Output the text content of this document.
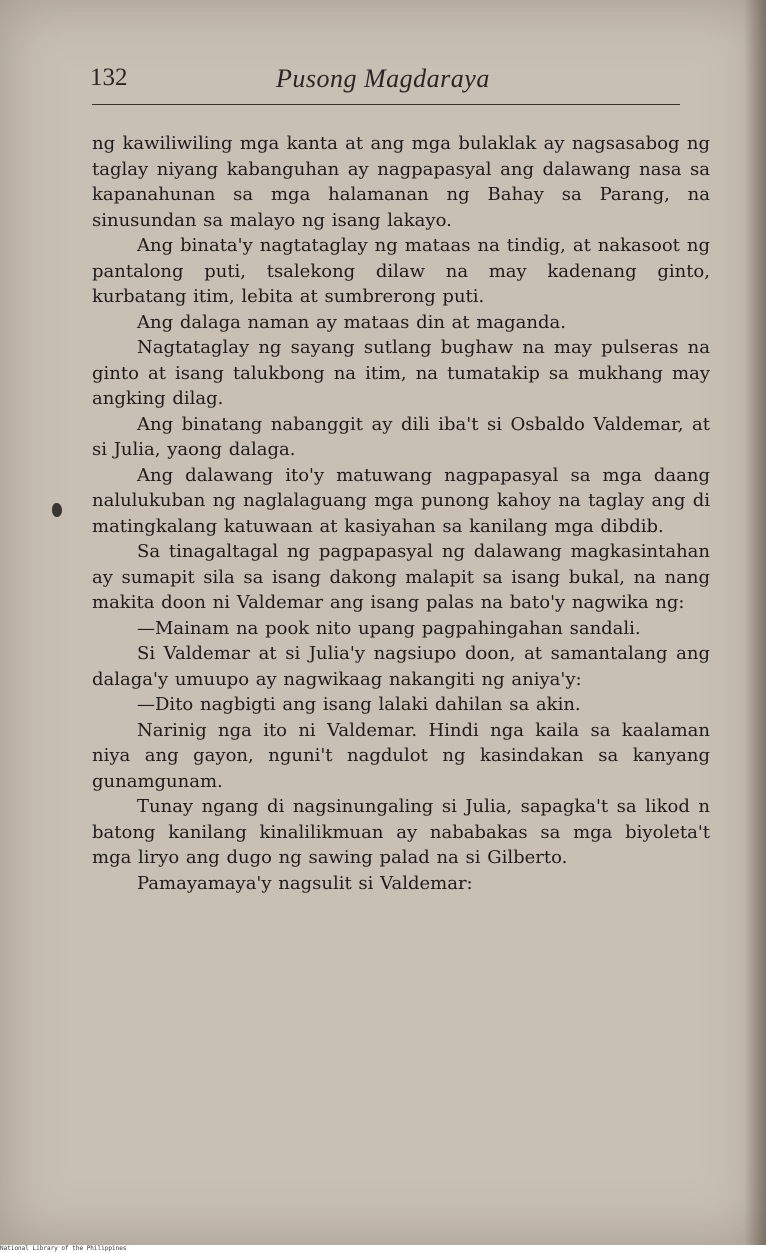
132	Pusong Magdaraya

ng kawiliwiling mga kanta at ang mga bulaklak ay nagsasabog ng taglay niyang kabanguhan ay nagpapasyal ang dalawang nasa sa kapanahunan sa mga halamanan ng Bahay sa Parang, na sinusundan sa malayo ng isang lakayo.

Ang binata'y nagtataglay ng mataas na tindig, at nakasoot ng pantalong puti, tsalekong dilaw na may kadenang ginto, kurbatang itim, lebita at sumbrerong puti.

Ang dalaga naman ay mataas din at maganda.

Nagtataglay ng sayang sutlang bughaw na may pulseras na ginto at isang talukbong na itim, na tumatakip sa mukhang may angking dilag.

Ang binatang nabanggit ay dili iba't si Osbaldo Valdemar, at si Julia, yaong dalaga.

Ang dalawang ito'y matuwang nagpapasyal sa mga daang nalulukuban ng naglalaguang mga punong kahoy na taglay ang di matingkalang katuwaan at kasiyahan sa kanilang mga dibdib.

Sa tinagaltagal ng pagpapasyal ng dalawang magkasintahan ay sumapit sila sa isang dakong malapit sa isang bukal, na nang makita doon ni Valdemar ang isang palas na bato'y nagwika ng:

—Mainam na pook nito upang pagpahingahan sandali.

Si Valdemar at si Julia'y nagsiupo doon, at samantalang ang dalaga'y umuupo ay nagwikaag nakangiti ng aniya'y:

—Dito nagbigti ang isang lalaki dahilan sa akin.

Narinig nga ito ni Valdemar. Hindi nga kaila sa kaalaman niya ang gayon, nguni't nagdulot ng kasindakan sa kanyang gunamgunam.

Tunay ngang di nagsinungaling si Julia, sapagka't sa likod n batong kanilang kinalilikmuan ay nababakas sa mga biyoleta't mga liryo ang dugo ng sawing palad na si Gilberto.

Pamayamaya'y nagsulit si Valdemar:

National Library of the Philippines
